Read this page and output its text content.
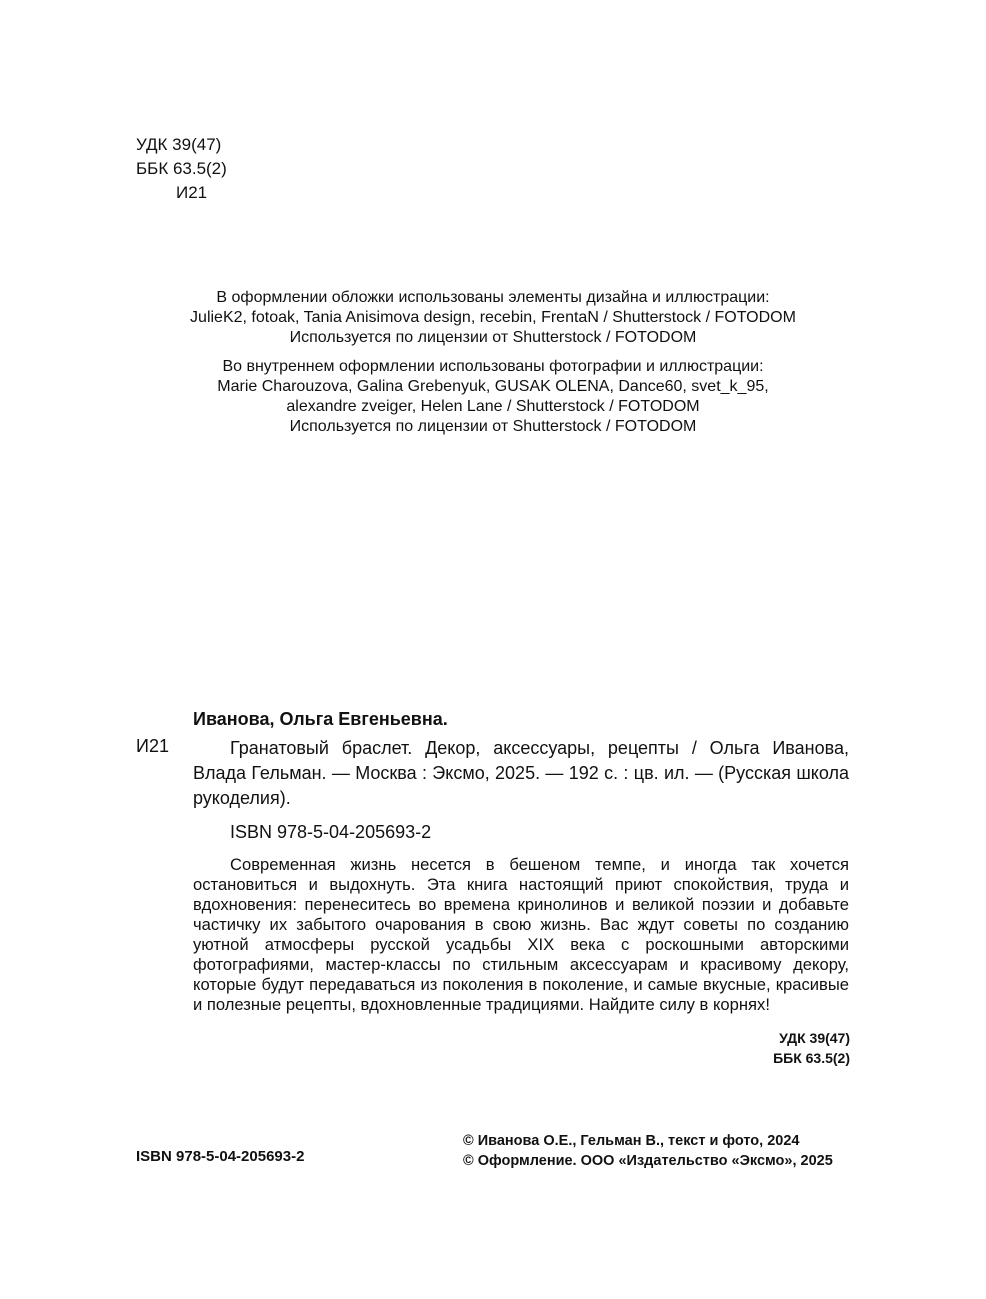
УДК 39(47)
ББК 63.5(2)
И21
В оформлении обложки использованы элементы дизайна и иллюстрации:
JulieK2, fotoak, Tania Anisimova design, recebin, FrentaN / Shutterstock / FOTODOM
Используется по лицензии от Shutterstock / FOTODOM
Во внутреннем оформлении использованы фотографии и иллюстрации:
Marie Charouzova, Galina Grebenyuk, GUSAK OLENA, Dance60, svet_k_95,
alexandre zveiger, Helen Lane / Shutterstock / FOTODOM
Используется по лицензии от Shutterstock / FOTODOM
Иванова, Ольга Евгеньевна.
И21	Гранатовый браслет. Декор, аксессуары, рецепты / Ольга Иванова, Влада Гельман. — Москва : Эксмо, 2025. — 192 с. : цв. ил. — (Русская школа рукоделия).
ISBN 978-5-04-205693-2
Современная жизнь несется в бешеном темпе, и иногда так хочется остановиться и выдохнуть. Эта книга настоящий приют спокойствия, труда и вдохновения: перенеситесь во времена кринолинов и великой поэзии и добавьте частичку их забытого очарования в свою жизнь. Вас ждут советы по созданию уютной атмосферы русской усадьбы XIX века с роскошными авторскими фотографиями, мастер-классы по стильным аксессуарам и красивому декору, которые будут передаваться из поколения в поколение, и самые вкусные, красивые и полезные рецепты, вдохновленные традициями. Найдите силу в корнях!
УДК 39(47)
ББК 63.5(2)
ISBN 978-5-04-205693-2
© Иванова О.Е., Гельман В., текст и фото, 2024
© Оформление. ООО «Издательство «Эксмо», 2025
